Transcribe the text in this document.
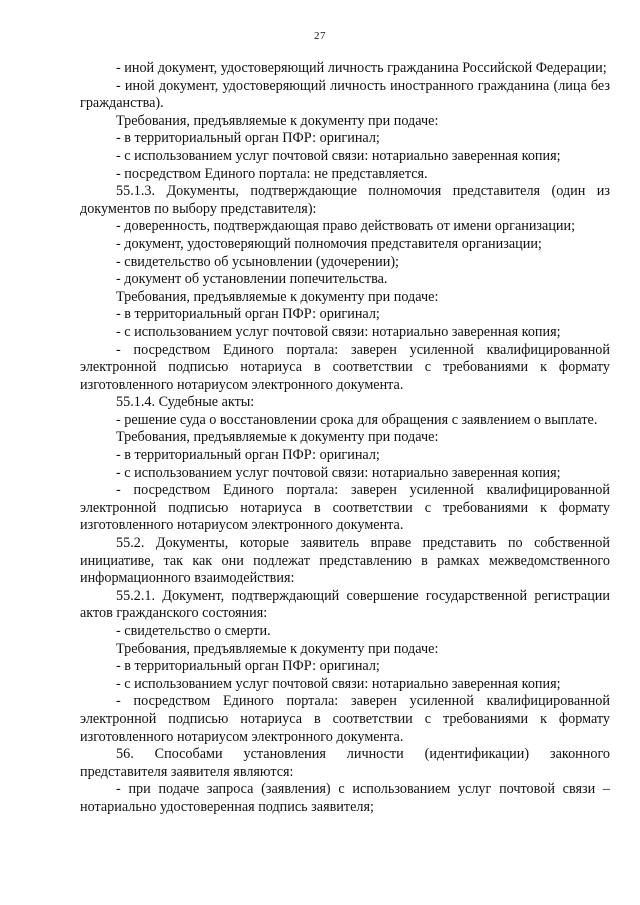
27

- иной документ, удостоверяющий личность гражданина Российской Федерации;

- иной документ, удостоверяющий личность иностранного гражданина (лица без гражданства).

Требования, предъявляемые к документу при подаче:

- в территориальный орган ПФР: оригинал;

- с использованием услуг почтовой связи: нотариально заверенная копия;

- посредством Единого портала: не представляется.

55.1.3. Документы, подтверждающие полномочия представителя (один из документов по выбору представителя):

- доверенность, подтверждающая право действовать от имени организации;

- документ, удостоверяющий полномочия представителя организации;

- свидетельство об усыновлении (удочерении);

- документ об установлении попечительства.

Требования, предъявляемые к документу при подаче:

- в территориальный орган ПФР: оригинал;

- с использованием услуг почтовой связи: нотариально заверенная копия;

- посредством Единого портала: заверен усиленной квалифицированной электронной подписью нотариуса в соответствии с требованиями к формату изготовленного нотариусом электронного документа.

55.1.4. Судебные акты:

- решение суда о восстановлении срока для обращения с заявлением о выплате.

Требования, предъявляемые к документу при подаче:

- в территориальный орган ПФР: оригинал;

- с использованием услуг почтовой связи: нотариально заверенная копия;

- посредством Единого портала: заверен усиленной квалифицированной электронной подписью нотариуса в соответствии с требованиями к формату изготовленного нотариусом электронного документа.

55.2. Документы, которые заявитель вправе представить по собственной инициативе, так как они подлежат представлению в рамках межведомственного информационного взаимодействия:

55.2.1. Документ, подтверждающий совершение государственной регистрации актов гражданского состояния:

- свидетельство о смерти.

Требования, предъявляемые к документу при подаче:

- в территориальный орган ПФР: оригинал;

- с использованием услуг почтовой связи: нотариально заверенная копия;

- посредством Единого портала: заверен усиленной квалифицированной электронной подписью нотариуса в соответствии с требованиями к формату изготовленного нотариусом электронного документа.

56. Способами установления личности (идентификации) законного представителя заявителя являются:

- при подаче запроса (заявления) с использованием услуг почтовой связи – нотариально удостоверенная подпись заявителя;
